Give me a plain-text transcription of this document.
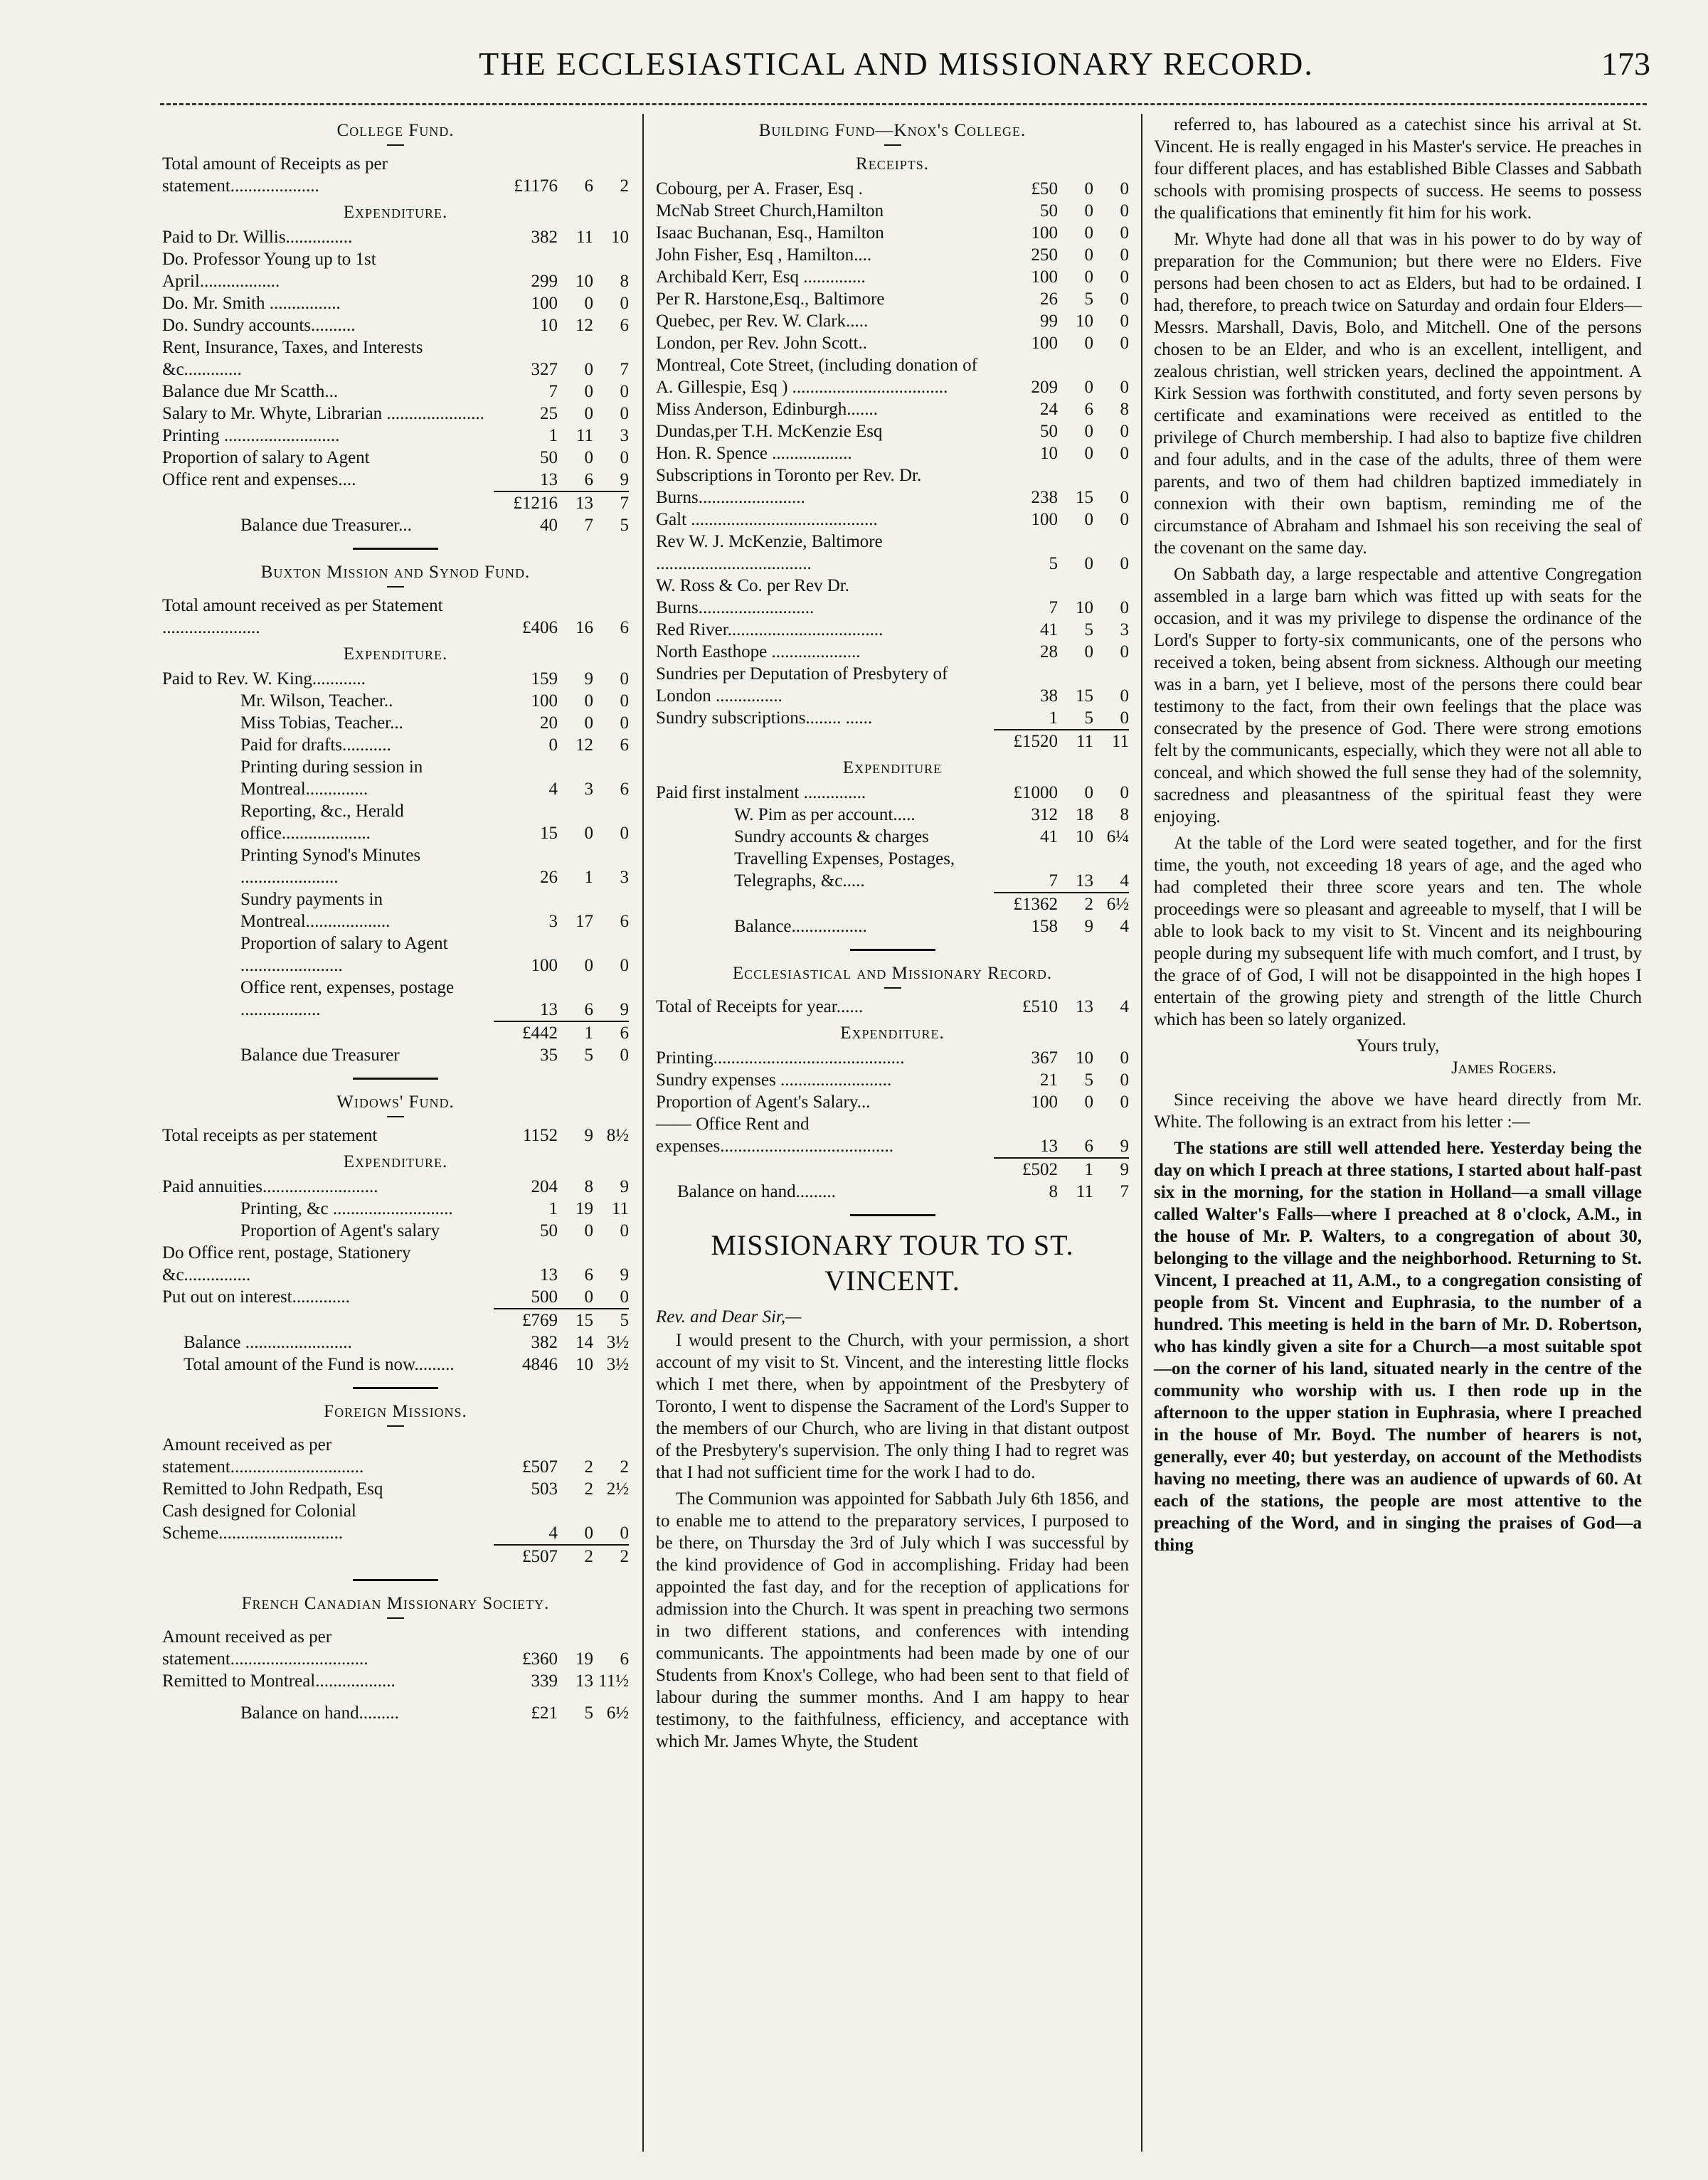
THE ECCLESIASTICAL AND MISSIONARY RECORD.	173
College Fund.
Total amount of Receipts as per statement....................	£1176	6	2
Expenditure.
Paid to Dr. Willis...............	382	11	10
Do. Professor Young up to 1st April..................	299	10	8
Do. Mr. Smith ................	100	0	0
Do. Sundry accounts..........	10	12	6
Rent, Insurance, Taxes, and Interests &c.............	327	0	7
Balance due Mr Scatth...	7	0	0
Salary to Mr. Whyte, Librarian ......................	25	0	0
Printing ..........................	1	11	3
Proportion of salary to Agent	50	0	0
Office rent and expenses....	13	6	9
£1216	13	7
Balance due Treasurer...	40	7	5
Buxton Mission and Synod Fund.
Total amount received as per Statement ......................	£406	16	6
Expenditure.
Paid to Rev. W. King............	159	9	0
Mr. Wilson, Teacher..	100	0	0
Miss Tobias, Teacher...	20	0	0
Paid for drafts...........	0	12	6
Printing during session in Montreal..............	4	3	6
Reporting, &c., Herald office....................	15	0	0
Printing Synod's Minutes ......................	26	1	3
Sundry payments in Montreal...................	3	17	6
Proportion of salary to Agent .......................	100	0	0
Office rent, expenses, postage ..................	13	6	9
£442	1	6
Balance due Treasurer	35	5	0
Widows' Fund.
Total receipts as per statement	1152	9 8½
Expenditure.
Paid annuities..........................	204	8	9
Printing, &c ...........................	1	19	11
Proportion of Agent's salary	50	0	0
Do Office rent, postage, Stationery &c...............	13	6	9
Put out on interest.............	500	0	0
£769	15	5
Balance ........................	382	14 3½
Total amount of the Fund is now.........	4846	10 3½
Foreign Missions.
Amount received as per statement..............................	£507	2	2
Remitted to John Redpath, Esq	503	2 2½
Cash designed for Colonial Scheme............................	4	0	0
£507	2	2
French Canadian Missionary Society.
Amount received as per statement...............................	£360	19	6
Remitted to Montreal..................	339	13 11½
Balance on hand.........	£21	5 6½
Building Fund—Knox's College.
Receipts.
Cobourg, per A. Fraser, Esq .	£50	0	0
McNab Street Church,Hamilton	50	0	0
Isaac Buchanan, Esq., Hamilton	100	0	0
John Fisher, Esq , Hamilton....	250	0	0
Archibald Kerr, Esq ..............	100	0	0
Per R. Harstone,Esq., Baltimore	26	5	0
Quebec, per Rev. W. Clark.....	99	10	0
London, per Rev. John Scott..	100	0	0
Montreal, Cote Street, (including donation of A. Gillespie, Esq ) ...................................	209	0	0
Miss Anderson, Edinburgh.......	24	6	8
Dundas,per T.H. McKenzie Esq	50	0	0
Hon. R. Spence ..................	10	0	0
Subscriptions in Toronto per Rev. Dr. Burns........................	238	15	0
Galt ..........................................	100	0	0
Rev W. J. McKenzie, Baltimore ...................................	5	0	0
W. Ross & Co. per Rev Dr. Burns..........................	7	10	0
Red River...................................	41	5	3
North Easthope ....................	28	0	0
Sundries per Deputation of Presbytery of London ...............	38	15	0
Sundry subscriptions........ ......	1	5	0
£1520	11	11
Expenditure
Paid first instalment ..............	£1000	0	0
W. Pim as per account.....	312	18	8
Sundry accounts & charges	41	10 6¼
Travelling Expenses, Postages, Telegraphs, &c.....	7	13	4
£1362	2 6½
Balance.................	158	9	4
Ecclesiastical and Missionary Record.
Total of Receipts for year......	£510	13	4
Expenditure.
Printing...........................................	367	10	0
Sundry expenses .........................	21	5	0
Proportion of Agent's Salary...	100	0	0
—— Office Rent and expenses.......................................	13	6	9
£502	1	9
Balance on hand.........	8	11	7
MISSIONARY TOUR TO ST. VINCENT.
Rev. and Dear Sir,—

I would present to the Church, with your permission, a short account of my visit to St. Vincent, and the interesting little flocks which I met there, when by appointment of the Presbytery of Toronto, I went to dispense the Sacrament of the Lord's Supper to the members of our Church, who are living in that distant outpost of the Presbytery's supervision. The only thing I had to regret was that I had not sufficient time for the work I had to do.

The Communion was appointed for Sabbath July 6th 1856, and to enable me to attend to the preparatory services, I purposed to be there, on Thursday the 3rd of July which I was successful by the kind providence of God in accomplishing. Friday had been appointed the fast day, and for the reception of applications for admission into the Church. It was spent in preaching two sermons in two different stations, and conferences with intending communicants. The appointments had been made by one of our Students from Knox's College, who had been sent to that field of labour during the summer months. And I am happy to hear testimony, to the faithfulness, efficiency, and acceptance with which Mr. James Whyte, the Student

referred to, has laboured as a catechist since his arrival at St. Vincent. He is really engaged in his Master's service. He preaches in four different places, and has established Bible Classes and Sabbath schools with promising prospects of success. He seems to possess the qualifications that eminently fit him for his work.

Mr. Whyte had done all that was in his power to do by way of preparation for the Communion; but there were no Elders. Five persons had been chosen to act as Elders, but had to be ordained. I had, therefore, to preach twice on Saturday and ordain four Elders—Messrs. Marshall, Davis, Bolo, and Mitchell. One of the persons chosen to be an Elder, and who is an excellent, intelligent, and zealous christian, well stricken years, declined the appointment. A Kirk Session was forthwith constituted, and forty seven persons by certificate and examinations were received as entitled to the privilege of Church membership. I had also to baptize five children and four adults, and in the case of the adults, three of them were parents, and two of them had children baptized immediately in connexion with their own baptism, reminding me of the circumstance of Abraham and Ishmael his son receiving the seal of the covenant on the same day.

On Sabbath day, a large respectable and attentive Congregation assembled in a large barn which was fitted up with seats for the occasion, and it was my privilege to dispense the ordinance of the Lord's Supper to forty-six communicants, one of the persons who received a token, being absent from sickness. Although our meeting was in a barn, yet I believe, most of the persons there could bear testimony to the fact, from their own feelings that the place was consecrated by the presence of God. There were strong emotions felt by the communicants, especially, which they were not all able to conceal, and which showed the full sense they had of the solemnity, sacredness and pleasantness of the spiritual feast they were enjoying.

At the table of the Lord were seated together, and for the first time, the youth, not exceeding 18 years of age, and the aged who had completed their three score years and ten. The whole proceedings were so pleasant and agreeable to myself, that I will be able to look back to my visit to St. Vincent and its neighbouring people during my subsequent life with much comfort, and I trust, by the grace of of God, I will not be disappointed in the high hopes I entertain of the growing piety and strength of the little Church which has been so lately organized.

Yours truly,
James Rogers.

Since receiving the above we have heard directly from Mr. White. The following is an extract from his letter :—

The stations are still well attended here. Yesterday being the day on which I preach at three stations, I started about half-past six in the morning, for the station in Holland—a small village called Walter's Falls—where I preached at 8 o'clock, A.M., in the house of Mr. P. Walters, to a congregation of about 30, belonging to the village and the neighborhood. Returning to St. Vincent, I preached at 11, A.M., to a congregation consisting of people from St. Vincent and Euphrasia, to the number of a hundred. This meeting is held in the barn of Mr. D. Robertson, who has kindly given a site for a Church—a most suitable spot—on the corner of his land, situated nearly in the centre of the community who worship with us. I then rode up in the afternoon to the upper station in Euphrasia, where I preached in the house of Mr. Boyd. The number of hearers is not, generally, ever 40; but yesterday, on account of the Methodists having no meeting, there was an audience of upwards of 60. At each of the stations, the people are most attentive to the preaching of the Word, and in singing the praises of God—a thing
